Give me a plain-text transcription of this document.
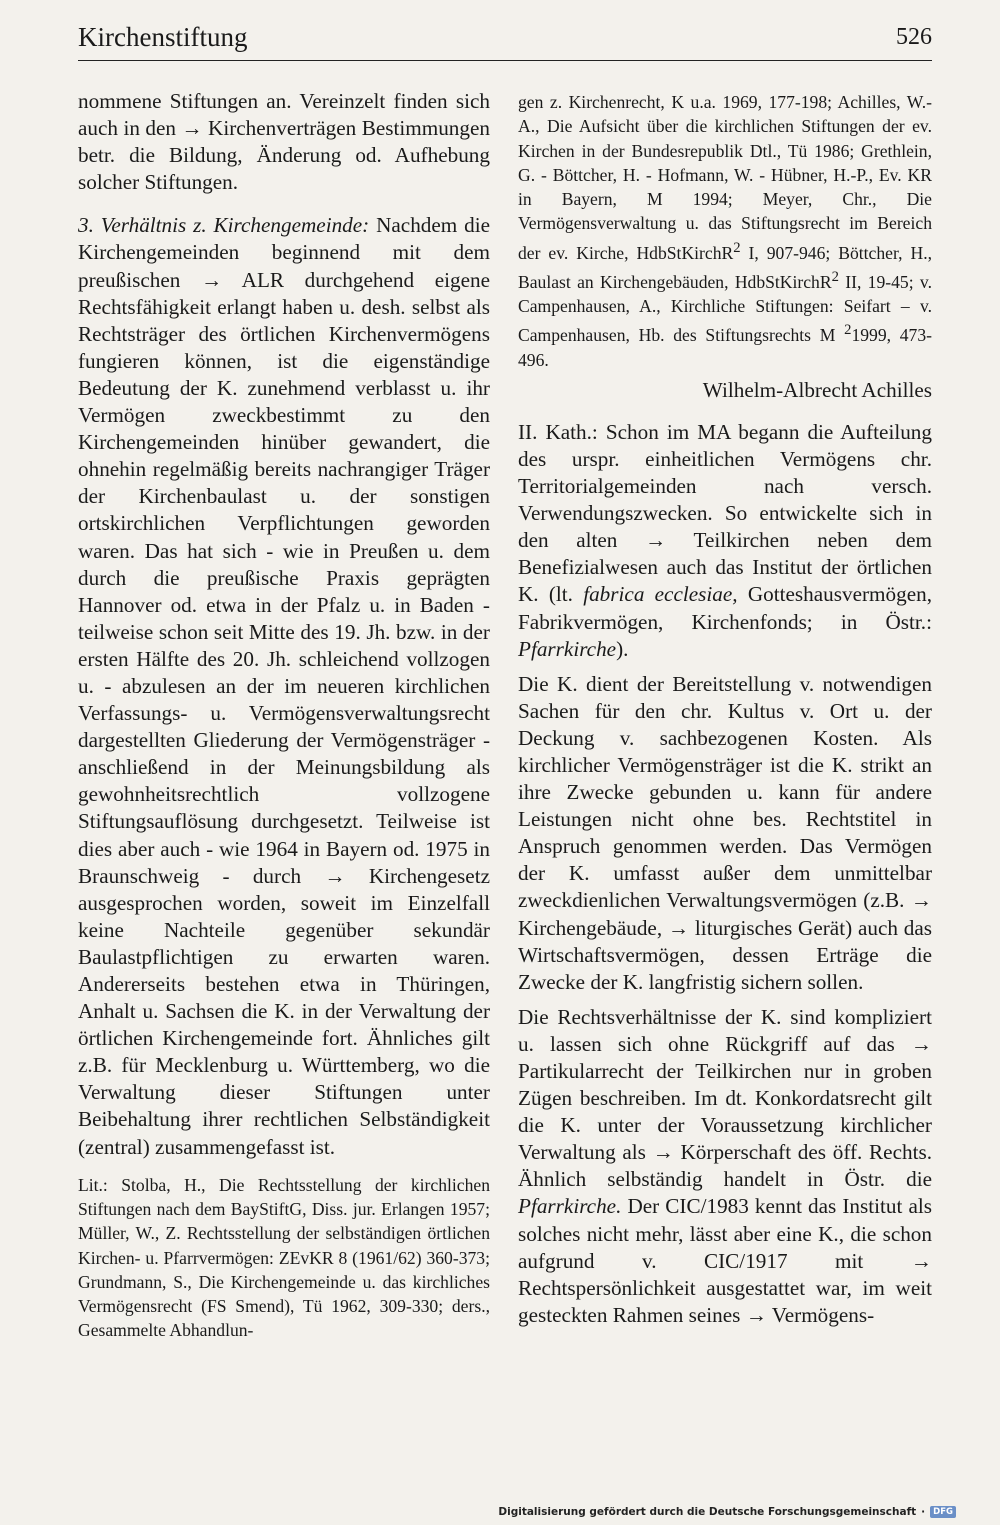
Kirchenstiftung	526

nommene Stiftungen an. Vereinzelt finden sich auch in den → Kirchenverträgen Bestimmungen betr. die Bildung, Änderung od. Aufhebung solcher Stiftungen.

3. Verhältnis z. Kirchengemeinde: Nachdem die Kirchengemeinden beginnend mit dem preußischen → ALR durchgehend eigene Rechtsfähigkeit erlangt haben u. desh. selbst als Rechtsträger des örtlichen Kirchenvermögens fungieren können, ist die eigenständige Bedeutung der K. zunehmend verblasst u. ihr Vermögen zweckbestimmt zu den Kirchengemeinden hinüber gewandert, die ohnehin regelmäßig bereits nachrangiger Träger der Kirchenbaulast u. der sonstigen ortskirchlichen Verpflichtungen geworden waren. Das hat sich - wie in Preußen u. dem durch die preußische Praxis geprägten Hannover od. etwa in der Pfalz u. in Baden - teilweise schon seit Mitte des 19. Jh. bzw. in der ersten Hälfte des 20. Jh. schleichend vollzogen u. - abzulesen an der im neueren kirchlichen Verfassungs- u. Vermögensverwaltungsrecht dargestellten Gliederung der Vermögensträger - anschließend in der Meinungsbildung als gewohnheitsrechtlich vollzogene Stiftungsauflösung durchgesetzt. Teilweise ist dies aber auch - wie 1964 in Bayern od. 1975 in Braunschweig - durch → Kirchengesetz ausgesprochen worden, soweit im Einzelfall keine Nachteile gegenüber sekundär Baulastpflichtigen zu erwarten waren. Andererseits bestehen etwa in Thüringen, Anhalt u. Sachsen die K. in der Verwaltung der örtlichen Kirchengemeinde fort. Ähnliches gilt z.B. für Mecklenburg u. Württemberg, wo die Verwaltung dieser Stiftungen unter Beibehaltung ihrer rechtlichen Selbständigkeit (zentral) zusammengefasst ist.

Lit.: Stolba, H., Die Rechtsstellung der kirchlichen Stiftungen nach dem BayStiftG, Diss. jur. Erlangen 1957; Müller, W., Z. Rechtsstellung der selbständigen örtlichen Kirchen- u. Pfarrvermögen: ZEvKR 8 (1961/62) 360-373; Grundmann, S., Die Kirchengemeinde u. das kirchliches Vermögensrecht (FS Smend), Tü 1962, 309-330; ders., Gesammelte Abhandlun-

gen z. Kirchenrecht, K u.a. 1969, 177-198; Achilles, W.-A., Die Aufsicht über die kirchlichen Stiftungen der ev. Kirchen in der Bundesrepublik Dtl., Tü 1986; Grethlein, G. - Böttcher, H. - Hofmann, W. - Hübner, H.-P., Ev. KR in Bayern, M 1994; Meyer, Chr., Die Vermögensverwaltung u. das Stiftungsrecht im Bereich der ev. Kirche, HdbStKirchR$^2$ I, 907-946; Böttcher, H., Baulast an Kirchengebäuden, HdbStKirchR$^2$ II, 19-45; v. Campenhausen, A., Kirchliche Stiftungen: Seifart – v. Campenhausen, Hb. des Stiftungsrechts M $^2$1999, 473-496.

Wilhelm-Albrecht Achilles

II. Kath.: Schon im MA begann die Aufteilung des urspr. einheitlichen Vermögens chr. Territorialgemeinden nach versch. Verwendungszwecken. So entwickelte sich in den alten → Teilkirchen neben dem Benefizialwesen auch das Institut der örtlichen K. (lt. fabrica ecclesiae, Gotteshausvermögen, Fabrikvermögen, Kirchenfonds; in Östr.: Pfarrkirche).

Die K. dient der Bereitstellung v. notwendigen Sachen für den chr. Kultus v. Ort u. der Deckung v. sachbezogenen Kosten. Als kirchlicher Vermögensträger ist die K. strikt an ihre Zwecke gebunden u. kann für andere Leistungen nicht ohne bes. Rechtstitel in Anspruch genommen werden. Das Vermögen der K. umfasst außer dem unmittelbar zweckdienlichen Verwaltungsvermögen (z.B. → Kirchengebäude, → liturgisches Gerät) auch das Wirtschaftsvermögen, dessen Erträge die Zwecke der K. langfristig sichern sollen.

Die Rechtsverhältnisse der K. sind kompliziert u. lassen sich ohne Rückgriff auf das → Partikularrecht der Teilkirchen nur in groben Zügen beschreiben. Im dt. Konkordatsrecht gilt die K. unter der Voraussetzung kirchlicher Verwaltung als → Körperschaft des öff. Rechts. Ähnlich selbständig handelt in Östr. die Pfarrkirche. Der CIC/1983 kennt das Institut als solches nicht mehr, lässt aber eine K., die schon aufgrund v. CIC/1917 mit → Rechtspersönlichkeit ausgestattet war, im weit gesteckten Rahmen seines → Vermögens-

Digitalisierung gefördert durch die Deutsche Forschungsgemeinschaft · DFG
